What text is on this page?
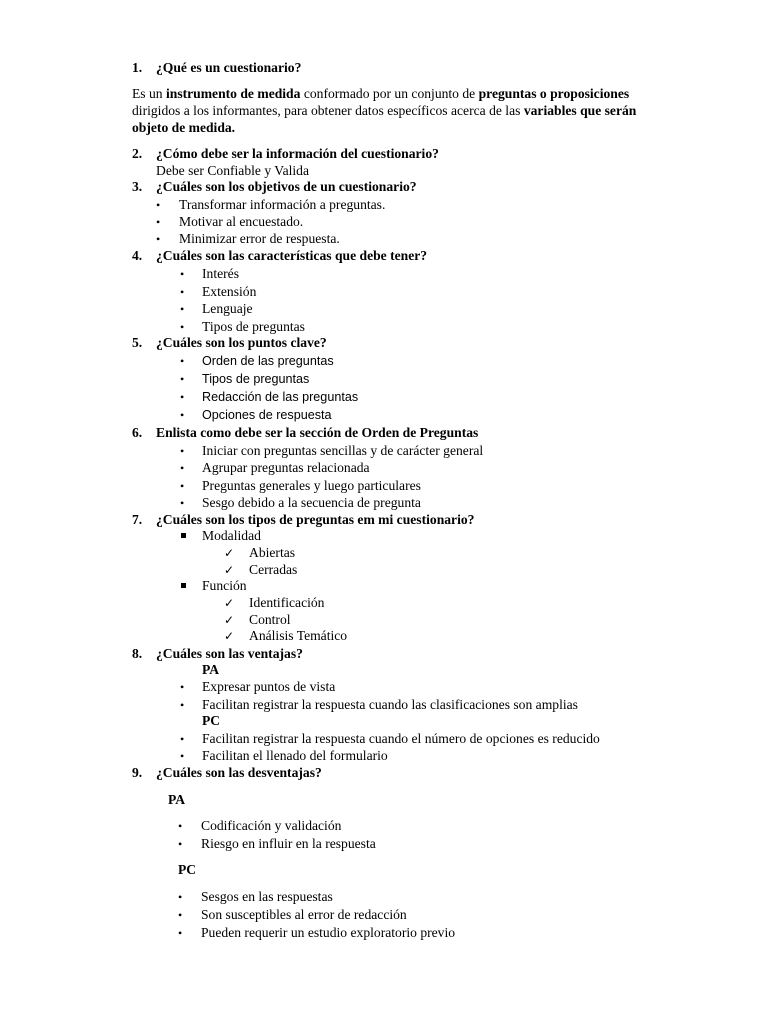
1. ¿Qué es un cuestionario?
Es un instrumento de medida conformado por un conjunto de preguntas o proposiciones
dirigidos a los informantes, para obtener datos específicos acerca de las variables que serán
objeto de medida.
2. ¿Cómo debe ser la información del cuestionario?
Debe ser Confiable y Valida
3. ¿Cuáles son los objetivos de un cuestionario?
• Transformar información a preguntas.
• Motivar al encuestado.
• Minimizar error de respuesta.
4. ¿Cuáles son las características que debe tener?
• Interés
• Extensión
• Lenguaje
• Tipos de preguntas
5. ¿Cuáles son los puntos clave?
• Orden de las preguntas
• Tipos de preguntas
• Redacción de las preguntas
• Opciones de respuesta
6. Enlista como debe ser la sección de Orden de Preguntas
• Iniciar con preguntas sencillas y de carácter general
• Agrupar preguntas relacionada
• Preguntas generales y luego particulares
• Sesgo debido a la secuencia de pregunta
7. ¿Cuáles son los tipos de preguntas em mi cuestionario?
Modalidad
✓ Abiertas
✓ Cerradas
Función
✓ Identificación
✓ Control
✓ Análisis Temático
8. ¿Cuáles son las ventajas?
PA
• Expresar puntos de vista
• Facilitan registrar la respuesta cuando las clasificaciones son amplias
PC
• Facilitan registrar la respuesta cuando el número de opciones es reducido
• Facilitan el llenado del formulario
9. ¿Cuáles son las desventajas?
PA
• Codificación y validación
• Riesgo en influir en la respuesta
PC
• Sesgos en las respuestas
• Son susceptibles al error de redacción
• Pueden requerir un estudio exploratorio previo
